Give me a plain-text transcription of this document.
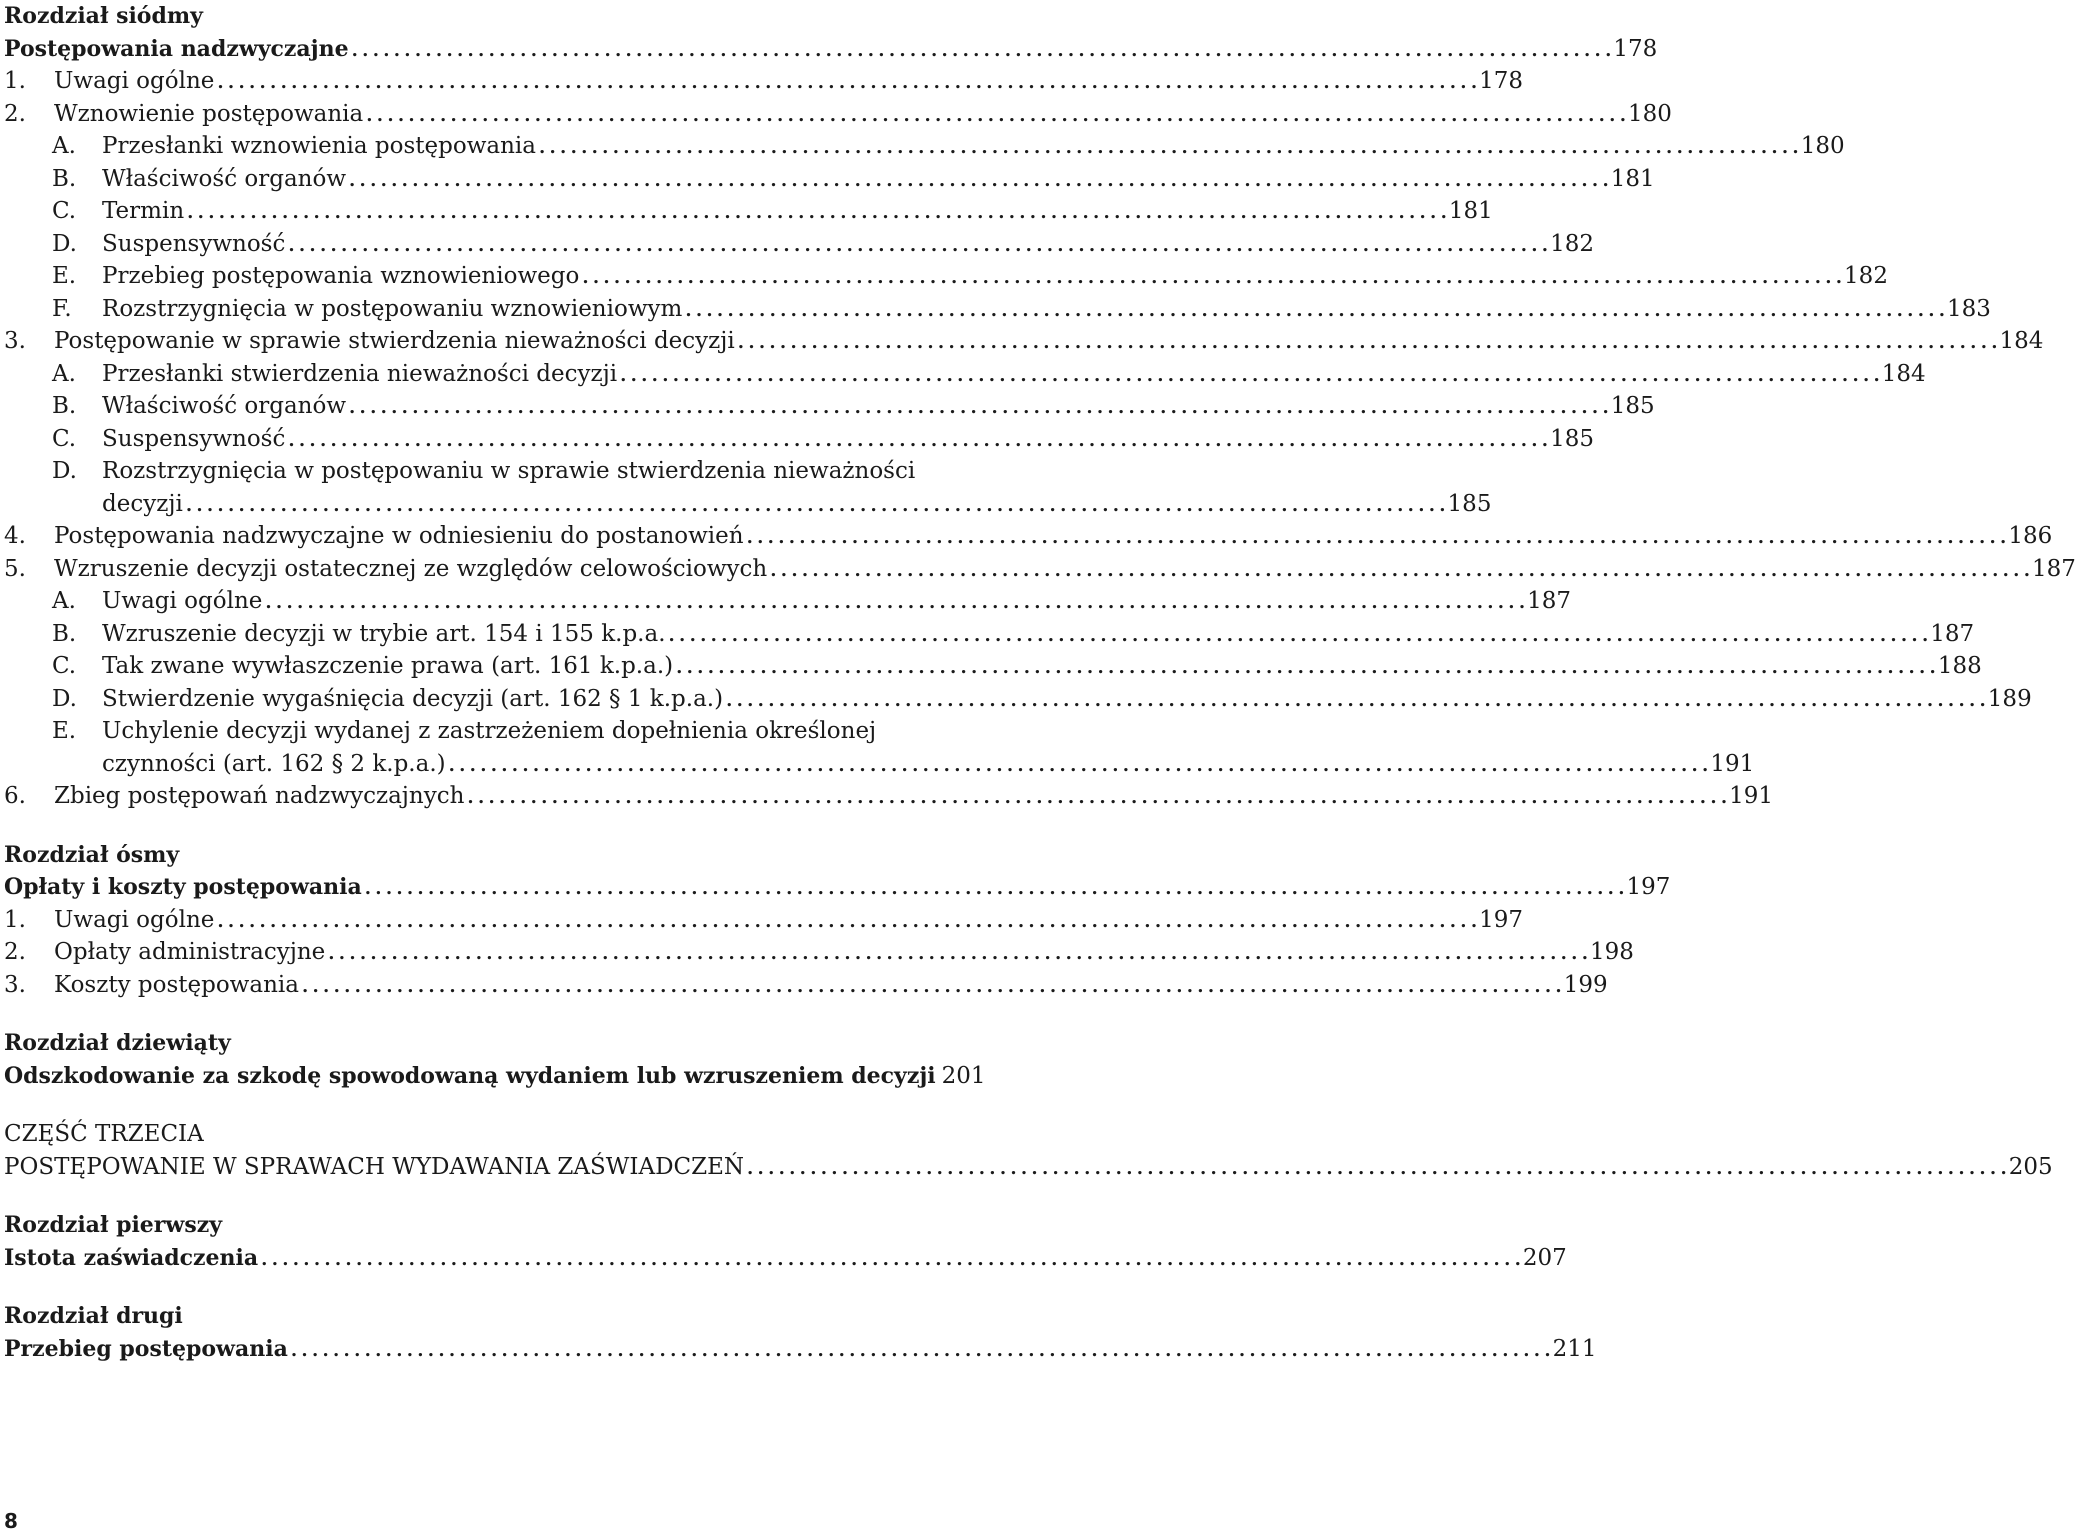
Rozdział siódmy
Postępowania nadzwyczajne . . .	178
1.	Uwagi ogólne . . .	178
2.	Wznowienie postępowania . . .	180
A.	Przesłanki wznowienia postępowania . . .	180
B.	Właściwość organów . . .	181
C.	Termin . . .	181
D.	Suspensywność . . .	182
E.	Przebieg postępowania wznowieniowego . . .	182
F.	Rozstrzygnięcia w postępowaniu wznowieniowym . . .	183
3.	Postępowanie w sprawie stwierdzenia nieważności decyzji . . .	184
A.	Przesłanki stwierdzenia nieważności decyzji . . .	184
B.	Właściwość organów . . .	185
C.	Suspensywność . . .	185
D.	Rozstrzygnięcia w postępowaniu w sprawie stwierdzenia nieważności
decyzji . . .	185
4.	Postępowania nadzwyczajne w odniesieniu do postanowień . . .	186
5.	Wzruszenie decyzji ostatecznej ze względów celowościowych . . .	187
A.	Uwagi ogólne . . .	187
B.	Wzruszenie decyzji w trybie art. 154 i 155 k.p.a. . . .	187
C.	Tak zwane wywłaszczenie prawa (art. 161 k.p.a.) . . .	188
D.	Stwierdzenie wygaśnięcia decyzji (art. 162 § 1 k.p.a.) . . .	189
E.	Uchylenie decyzji wydanej z zastrzeżeniem dopełnienia określonej
czynności (art. 162 § 2 k.p.a.) . . .	191
6.	Zbieg postępowań nadzwyczajnych . . .	191
Rozdział ósmy
Opłaty i koszty postępowania . . .	197
1.	Uwagi ogólne . . .	197
2.	Opłaty administracyjne . . .	198
3.	Koszty postępowania . . .	199
Rozdział dziewiąty
Odszkodowanie za szkodę spowodowaną wydaniem lub wzruszeniem decyzji 201
CZĘŚĆ TRZECIA
POSTĘPOWANIE W SPRAWACH WYDAWANIA ZAŚWIADCZEŃ . . .	205
Rozdział pierwszy
Istota zaświadczenia . . .	207
Rozdział drugi
Przebieg postępowania . . .	211
8
